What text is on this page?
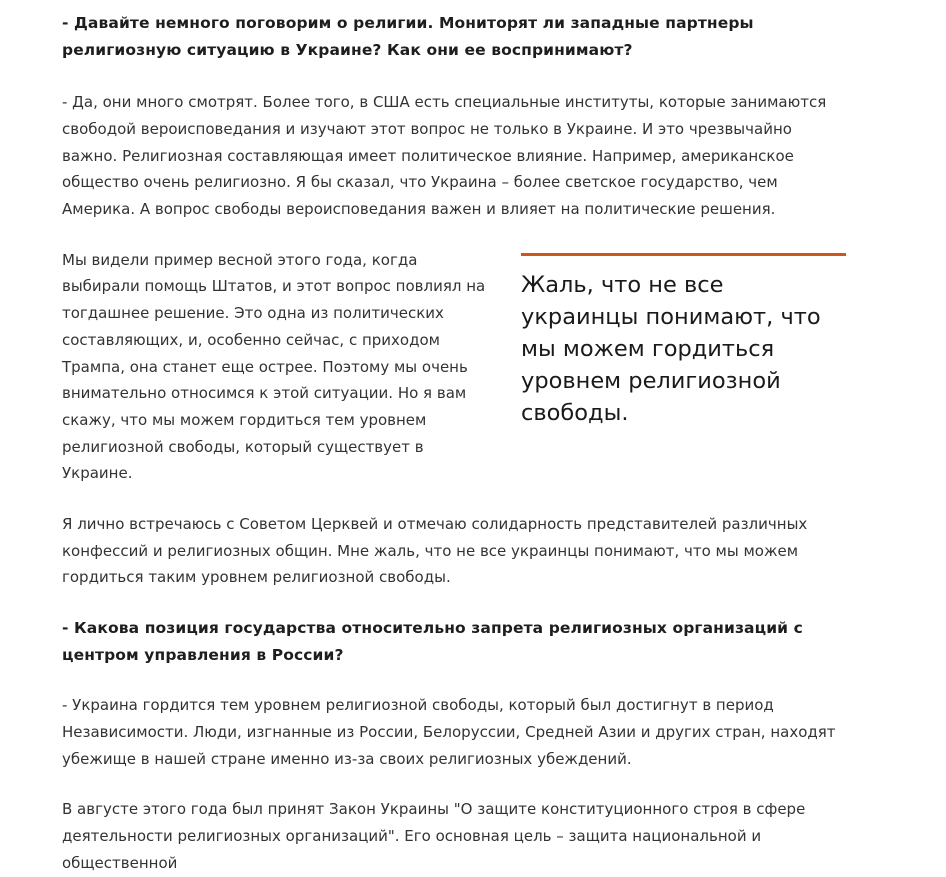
- Давайте немного поговорим о религии. Мониторят ли западные партнеры религиозную ситуацию в Украине? Как они ее воспринимают?

- Да, они много смотрят. Более того, в США есть специальные институты, которые занимаются свободой вероисповедания и изучают этот вопрос не только в Украине. И это чрезвычайно важно. Религиозная составляющая имеет политическое влияние. Например, американское общество очень религиозно. Я бы сказал, что Украина – более светское государство, чем Америка. А вопрос свободы вероисповедания важен и влияет на политические решения.

Жаль, что не все украинцы понимают, что мы можем гордиться уровнем религиозной свободы.

Мы видели пример весной этого года, когда выбирали помощь Штатов, и этот вопрос повлиял на тогдашнее решение. Это одна из политических составляющих, и, особенно сейчас, с приходом Трампа, она станет еще острее. Поэтому мы очень внимательно относимся к этой ситуации. Но я вам скажу, что мы можем гордиться тем уровнем религиозной свободы, который существует в Украине.

Я лично встречаюсь с Советом Церквей и отмечаю солидарность представителей различных конфессий и религиозных общин. Мне жаль, что не все украинцы понимают, что мы можем гордиться таким уровнем религиозной свободы.

- Какова позиция государства относительно запрета религиозных организаций с центром управления в России?

- Украина гордится тем уровнем религиозной свободы, который был достигнут в период Независимости. Люди, изгнанные из России, Белоруссии, Средней Азии и других стран, находят убежище в нашей стране именно из-за своих религиозных убеждений.

В августе этого года был принят Закон Украины "О защите конституционного строя в сфере деятельности религиозных организаций". Его основная цель – защита национальной и общественной
